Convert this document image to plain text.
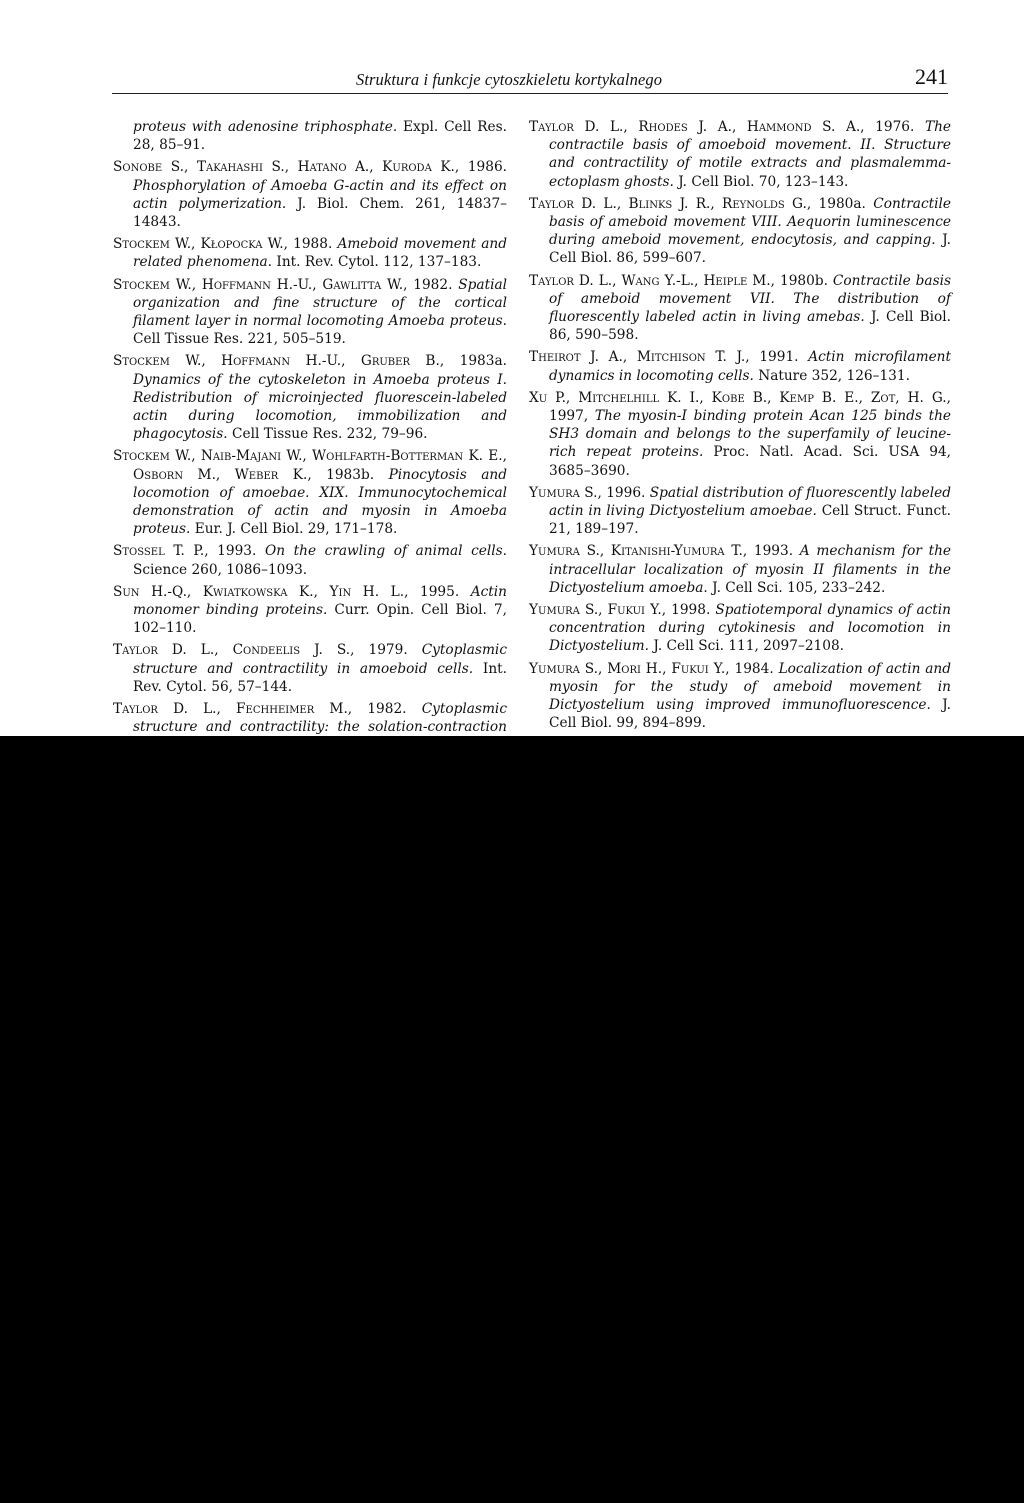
Struktura i funkcje cytoszkieletu kortykalnego	241

proteus with adenosine triphosphate. Expl. Cell Res. 28, 85–91.

Sonobe S., Takahashi S., Hatano A., Kuroda K., 1986. Phosphorylation of Amoeba G-actin and its effect on actin polymerization. J. Biol. Chem. 261, 14837–14843.

Stockem W., Kłopocka W., 1988. Ameboid movement and related phenomena. Int. Rev. Cytol. 112, 137–183.

Stockem W., Hoffmann H.-U., Gawlitta W., 1982. Spatial organization and fine structure of the cortical filament layer in normal locomoting Amoeba proteus. Cell Tissue Res. 221, 505–519.

Stockem W., Hoffmann H.-U., Gruber B., 1983a. Dynamics of the cytoskeleton in Amoeba proteus I. Redistribution of microinjected fluorescein-labeled actin during locomotion, immobilization and phagocytosis. Cell Tissue Res. 232, 79–96.

Stockem W., Naib-Majani W., Wohlfarth-Botterman K. E., Osborn M., Weber K., 1983b. Pinocytosis and locomotion of amoebae. XIX. Immunocytochemical demonstration of actin and myosin in Amoeba proteus. Eur. J. Cell Biol. 29, 171–178.

Stossel T. P., 1993. On the crawling of animal cells. Science 260, 1086–1093.

Sun H.-Q., Kwiatkowska K., Yin H. L., 1995. Actin monomer binding proteins. Curr. Opin. Cell Biol. 7, 102–110.

Taylor D. L., Condeelis J. S., 1979. Cytoplasmic structure and contractility in amoeboid cells. Int. Rev. Cytol. 56, 57–144.

Taylor D. L., Fechheimer M., 1982. Cytoplasmic structure and contractility: the solation-contraction

Taylor D. L., Rhodes J. A., Hammond S. A., 1976. The contractile basis of amoeboid movement. II. Structure and contractility of motile extracts and plasmalemma-ectoplasm ghosts. J. Cell Biol. 70, 123–143.

Taylor D. L., Blinks J. R., Reynolds G., 1980a. Contractile basis of ameboid movement VIII. Aequorin luminescence during ameboid movement, endocytosis, and capping. J. Cell Biol. 86, 599–607.

Taylor D. L., Wang Y.-L., Heiple M., 1980b. Contractile basis of ameboid movement VII. The distribution of fluorescently labeled actin in living amebas. J. Cell Biol. 86, 590–598.

Theirot J. A., Mitchison T. J., 1991. Actin microfilament dynamics in locomoting cells. Nature 352, 126–131.

Xu P., Mitchelhill K. I., Kobe B., Kemp B. E., Zot, H. G., 1997, The myosin-I binding protein Acan 125 binds the SH3 domain and belongs to the superfamily of leucine-rich repeat proteins. Proc. Natl. Acad. Sci. USA 94, 3685–3690.

Yumura S., 1996. Spatial distribution of fluorescently labeled actin in living Dictyostelium amoebae. Cell Struct. Funct. 21, 189–197.

Yumura S., Kitanishi-Yumura T., 1993. A mechanism for the intracellular localization of myosin II filaments in the Dictyostelium amoeba. J. Cell Sci. 105, 233–242.

Yumura S., Fukui Y., 1998. Spatiotemporal dynamics of actin concentration during cytokinesis and locomotion in Dictyostelium. J. Cell Sci. 111, 2097–2108.

Yumura S., Mori H., Fukui Y., 1984. Localization of actin and myosin for the study of ameboid movement in Dictyostelium using improved immunofluorescence. J. Cell Biol. 99, 894–899.
